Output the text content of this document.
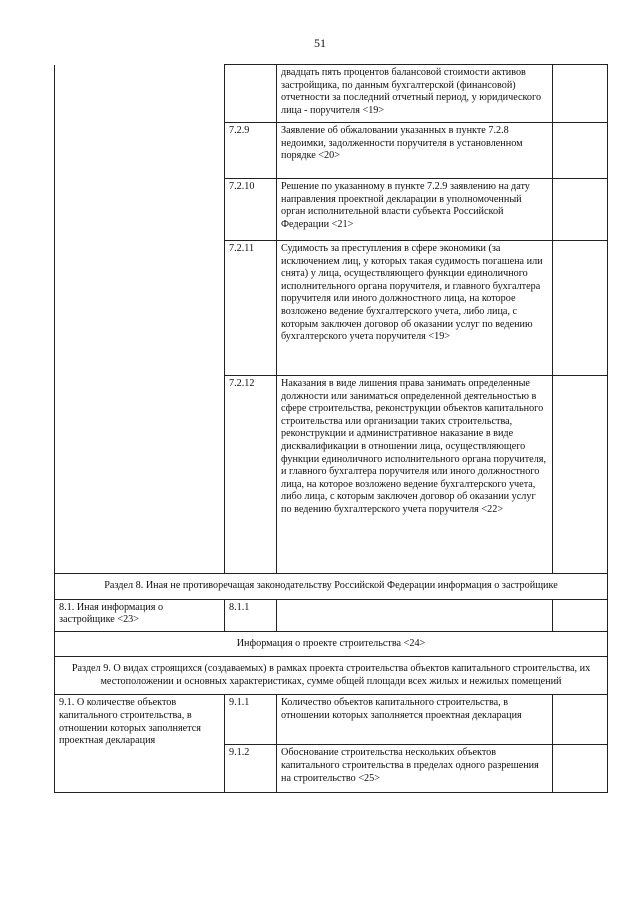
51
		двадцать пять процентов балансовой стоимости активов застройщика, по данным бухгалтерской (финансовой) отчетности за последний отчетный период, у юридического лица - поручителя <19>	
	7.2.9	Заявление об обжаловании указанных в пункте 7.2.8 недоимки, задолженности поручителя в установленном порядке <20>	
	7.2.10	Решение по указанному в пункте 7.2.9 заявлению на дату направления проектной декларации в уполномоченный орган исполнительной власти субъекта Российской Федерации <21>	
	7.2.11	Судимость за преступления в сфере экономики (за исключением лиц, у которых такая судимость погашена или снята) у лица, осуществляющего функции единоличного исполнительного органа поручителя, и главного бухгалтера поручителя или иного должностного лица, на которое возложено ведение бухгалтерского учета, либо лица, с которым заключен договор об оказании услуг по ведению бухгалтерского учета поручителя <19>	
	7.2.12	Наказания в виде лишения права занимать определенные должности или заниматься определенной деятельностью в сфере строительства, реконструкции объектов капитального строительства или организации таких строительства, реконструкции и административное наказание в виде дисквалификации в отношении лица, осуществляющего функции единоличного исполнительного органа поручителя, и главного бухгалтера поручителя или иного должностного лица, на которое возложено ведение бухгалтерского учета, либо лица, с которым заключен договор об оказании услуг по ведению бухгалтерского учета поручителя <22>	
Раздел 8. Иная не противоречащая законодательству Российской Федерации информация о застройщике			
8.1. Иная информация о застройщике <23>	8.1.1		
Информация о проекте строительства <24>			
Раздел 9. О видах строящихся (создаваемых) в рамках проекта строительства объектов капитального строительства, их местоположении и основных характеристиках, сумме общей площади всех жилых и нежилых помещений			
9.1. О количестве объектов капитального строительства, в отношении которых заполняется проектная декларация	9.1.1	Количество объектов капитального строительства, в отношении которых заполняется проектная декларация	
	9.1.2	Обоснование строительства нескольких объектов капитального строительства в пределах одного разрешения на строительство <25>	
